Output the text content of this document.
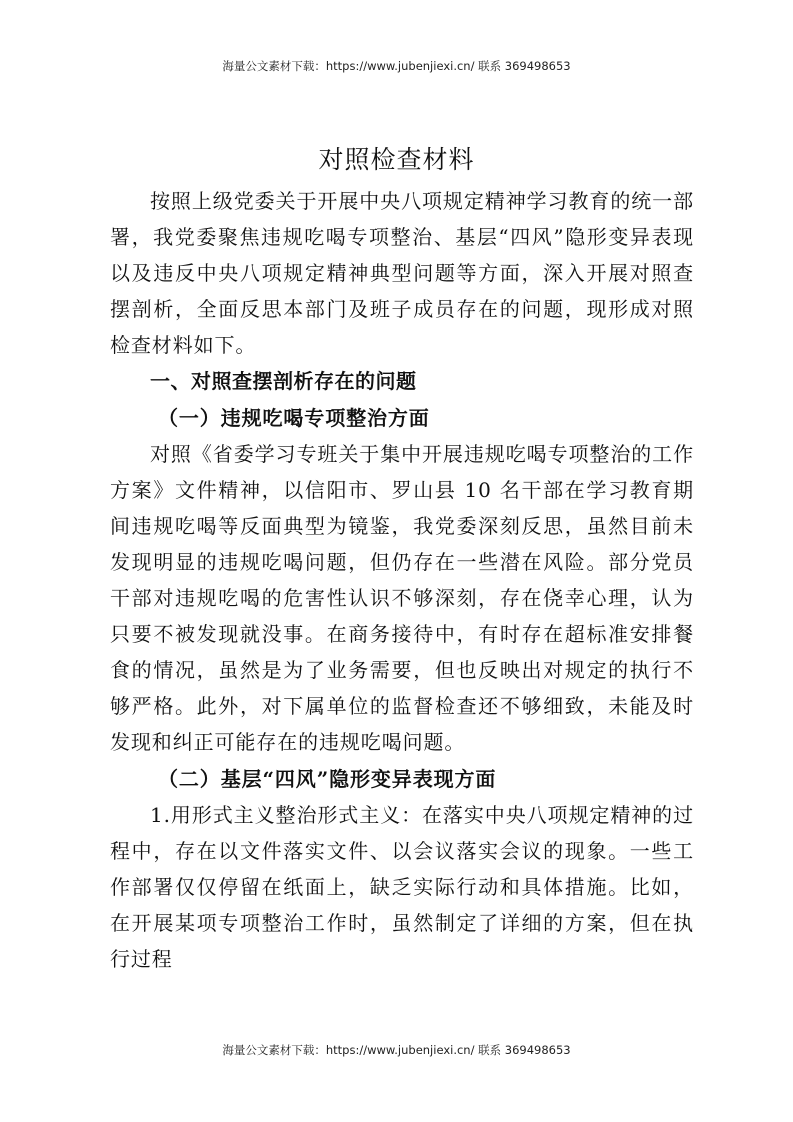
海量公文素材下载：https://www.jubenjiexi.cn/ 联系 369498653
对照检查材料

按照上级党委关于开展中央八项规定精神学习教育的统一部署，我党委聚焦违规吃喝专项整治、基层“四风”隐形变异表现以及违反中央八项规定精神典型问题等方面，深入开展对照查摆剖析，全面反思本部门及班子成员存在的问题，现形成对照检查材料如下。

一、对照查摆剖析存在的问题

（一）违规吃喝专项整治方面

对照《省委学习专班关于集中开展违规吃喝专项整治的工作方案》文件精神，以信阳市、罗山县 10 名干部在学习教育期间违规吃喝等反面典型为镜鉴，我党委深刻反思，虽然目前未发现明显的违规吃喝问题，但仍存在一些潜在风险。部分党员干部对违规吃喝的危害性认识不够深刻，存在侥幸心理，认为只要不被发现就没事。在商务接待中，有时存在超标准安排餐食的情况，虽然是为了业务需要，但也反映出对规定的执行不够严格。此外，对下属单位的监督检查还不够细致，未能及时发现和纠正可能存在的违规吃喝问题。

（二）基层“四风”隐形变异表现方面

1.用形式主义整治形式主义：在落实中央八项规定精神的过程中，存在以文件落实文件、以会议落实会议的现象。一些工作部署仅仅停留在纸面上，缺乏实际行动和具体措施。比如，在开展某项专项整治工作时，虽然制定了详细的方案，但在执行过程

海量公文素材下载：https://www.jubenjiexi.cn/ 联系 369498653
